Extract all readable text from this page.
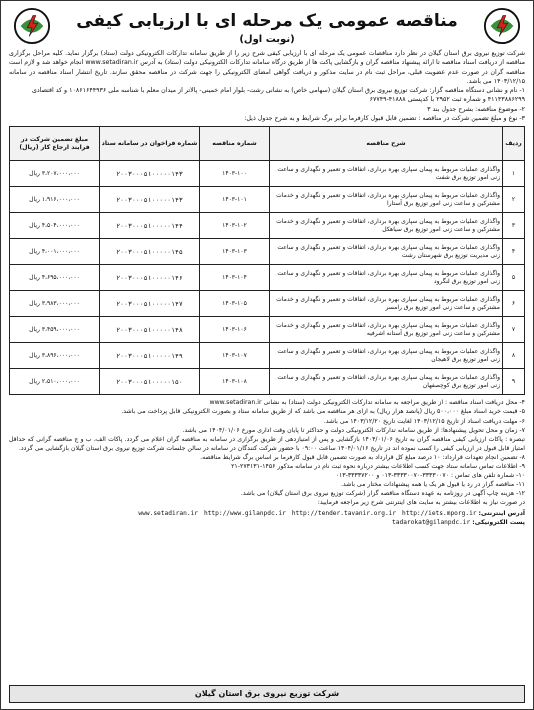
مناقصه عمومی یک مرحله ای با ارزیابی کیفی
(نوبت اول)

شرکت توزیع نیروی برق استان گیلان در نظر دارد مناقصات عمومی یک مرحله ای با ارزیابی کیفی شرح زیر را از طریق سامانه تدارکات الکترونیکی دولت (ستاد) برگزار نماید. کلیه مراحل برگزاری مناقصه از دریافت اسناد مناقصه تا ارائه پیشنهاد مناقصه گران و بازگشایی پاکت ها از طریق درگاه سامانه تدارکات الکترونیکی دولت (ستاد) به آدرس www.setadiran.ir انجام خواهد شد و لازم است مناقصه گران در صورت عدم عضویت قبلی، مراحل ثبت نام در سایت مذکور و دریافت گواهی امضای الکترونیکی را جهت شرکت در مناقصه محقق سازند. تاریخ انتشار اسناد مناقصه در سامانه ۱۴۰۳/۱۲/۱۵ می باشد.

۱- نام و نشانی دستگاه مناقصه گزار: شرکت توزیع نیروی برق استان گیلان (سهامی خاص) به نشانی رشت- بلوار امام خمینی- پالاتر از میدان معلم با شناسه ملی ۱۰۸۶۱۶۴۴۹۳۶ و کد اقتصادی ۴۱۱۴۳۸۸۶۲۹۹ و شماره ثبت ۲۹۵۲ با کدپستی ۴۱۸۸۸-۶۷۷۴۹

۲- موضوع مناقصه: بشرح جدول بند ۳

۳- نوع و مبلغ تضمین شرکت در مناقصه : تضمین قابل قبول کارفرما برابر برگ شرایط و به شرح جدول ذیل:

ردیف	شرح مناقصه	شماره مناقصه	شماره فراخوان در سامانه ستاد	مبلغ تضمین شرکت در فرایند ارجاع کار (ریال)
۱	واگذاری عملیات مربوط به پیمان سپاری بهره برداری، اتفاقات و تعمیر و نگهداری و ساعت زنی امور توزیع برق شفت	۱۴۰۳-۱۰۰	۲۰۰۳۰۰۰۵۱۰۰۰۰۰۱۴۳	۳،۲۰۷،۰۰۰،۰۰۰ ریال
۲	واگذاری عملیات مربوط به پیمان سپاری بهره برداری، اتفاقات و تعمیر و نگهداری و خدمات مشترکین و ساعت زنی امور توزیع برق آستارا	۱۴۰۳-۱۰۱	۲۰۰۳۰۰۰۵۱۰۰۰۰۰۱۴۳	۱،۹۱۶،۰۰۰،۰۰۰ ریال
۳	واگذاری عملیات مربوط به پیمان سپاری بهره برداری، اتفاقات و تعمیر و نگهداری و خدمات مشترکین و ساعت زنی امور توزیع برق سیاهکل	۱۴۰۳-۱۰۲	۲۰۰۳۰۰۰۵۱۰۰۰۰۰۱۴۴	۴،۵۰۴،۰۰۰،۰۰۰ ریال
۴	واگذاری عملیات مربوط به پیمان سپاری بهره برداری، اتفاقات و تعمیر و نگهداری و ساعت زنی مدیریت توزیع برق شهرستان رشت	۱۴۰۳-۱۰۳	۲۰۰۳۰۰۰۵۱۰۰۰۰۰۱۴۵	۴،۰۰۱،۰۰۰،۰۰۰ ریال
۵	واگذاری عملیات مربوط به پیمان سپاری بهره برداری، اتفاقات و تعمیر و نگهداری و ساعت زنی امور توزیع برق لنگرود	۱۴۰۳-۱۰۴	۲۰۰۳۰۰۰۵۱۰۰۰۰۰۱۴۶	۴،۶۹۵،۰۰۰،۰۰۰ ریال
۶	واگذاری عملیات مربوط به پیمان سپاری بهره برداری، اتفاقات و تعمیر و نگهداری و خدمات مشترکین و ساعت زنی امور توزیع برق رامسر	۱۴۰۳-۱۰۵	۲۰۰۳۰۰۰۵۱۰۰۰۰۰۱۴۷	۳،۹۸۳،۰۰۰،۰۰۰ ریال
۷	واگذاری عملیات مربوط به پیمان سپاری بهره برداری، اتفاقات و تعمیر و نگهداری و خدمات مشترکین و ساعت زنی امور توزیع برق آستانه اشرفیه	۱۴۰۳-۱۰۶	۲۰۰۳۰۰۰۵۱۰۰۰۰۰۱۴۸	۳،۴۵۹،۰۰۰،۰۰۰ ریال
۸	واگذاری عملیات مربوط به پیمان سپاری بهره برداری، اتفاقات و تعمیر و نگهداری و ساعت زنی امور توزیع برق لاهیجان	۱۴۰۳-۱۰۷	۲۰۰۳۰۰۰۵۱۰۰۰۰۰۱۴۹	۳،۸۹۶،۰۰۰،۰۰۰ ریال
۹	واگذاری عملیات مربوط به پیمان سپاری بهره برداری، اتفاقات و تعمیر و نگهداری و ساعت زنی امور توزیع برق کوچصفهان	۱۴۰۳-۱۰۸	۲۰۰۳۰۰۰۵۱۰۰۰۰۰۱۵۰	۲،۵۱۰،۰۰۰،۰۰۰ ریال

۴- محل دریافت اسناد مناقصه : از طریق مراجعه به سامانه تدارکات الکترونیکی دولت (ستاد) به نشانی www.setadiran.ir

۵- قیمت خرید اسناد مبلغ ۵۰۰،۰۰۰ ریال (پانصد هزار ریال) به ازای هر مناقصه می باشد که از طریق سامانه ستاد و بصورت الکترونیکی قابل پرداخت می باشد.

۶- مهلت دریافت اسناد از تاریخ ۱۴۰۳/۱۲/۱۵ لغایت تاریخ ۱۴۰۳/۱۲/۲۰ می باشد.

۷- زمان و محل تحویل پیشنهادها: از طریق سامانه تدارکات الکترونیکی دولت و حداکثر تا پایان وقت اداری مورخ ۱۴۰۴/۰۱/۰۶ می باشد.

تبصره : پاکات ارزیابی کیفی مناقصه گران به تاریخ ۱۴۰۴/۰۱/۰۶ بازگشایی و پس از امتیازدهی از طریق برگزاری در سامانه به مناقصه گران اعلام می گردد. پاکات الف، ب و ج مناقصه گرانی که حداقل امتیاز قابل قبول در ارزیابی کیفی را کسب نموده اند در تاریخ ۱۴۰۴/۰۱/۱۶ ساعت ۰۹:۰۰ با حضور شرکت کنندگان در سامانه در سالن جلسات شرکت توزیع نیروی برق استان گیلان بازگشایی می گردد.

۸- تضمین انجام تعهدات قرارداد: ۱۰ درصد مبلغ کل قرارداد به صورت تضمین قابل قبول کارفرما بر اساس برگ شرایط مناقصه.

۹- اطلاعات تماس سامانه ستاد جهت کسب اطلاعات بیشتر درباره نحوه ثبت نام در سامانه مذکور ۱۴۵۶-۲۷۳۱۳۱-۲۱

۱۰- شماره تلفن های تماس : ۳۳۳۳۰۰۷۰-۳۳۳۳۰۰۷۰-۰۱۳ و ۳۳۳۳۷۲۰۰-۰۱۳

۱۱- مناقصه گزار در رد یا قبول هر یک یا همه پیشنهادات مختار می باشد.

۱۲- هزینه چاپ آگهی در روزنامه به عهده دستگاه مناقصه گزار (شرکت توزیع نیروی برق استان گیلان) می باشد.

در صورت نیاز به اطلاعات بیشتر به سایت های اینترنتی شرح زیر مراجعه فرمایید:

آدرس اینترنتی: www.setadiran.ir http://www.gilanpdc.ir http://tender.tavanir.org.ir http://iets.mporg.ir
پست الکترونیکی: tadarokat@gilanpdc.ir
شرکت توزیع نیروی برق استان گیلان
